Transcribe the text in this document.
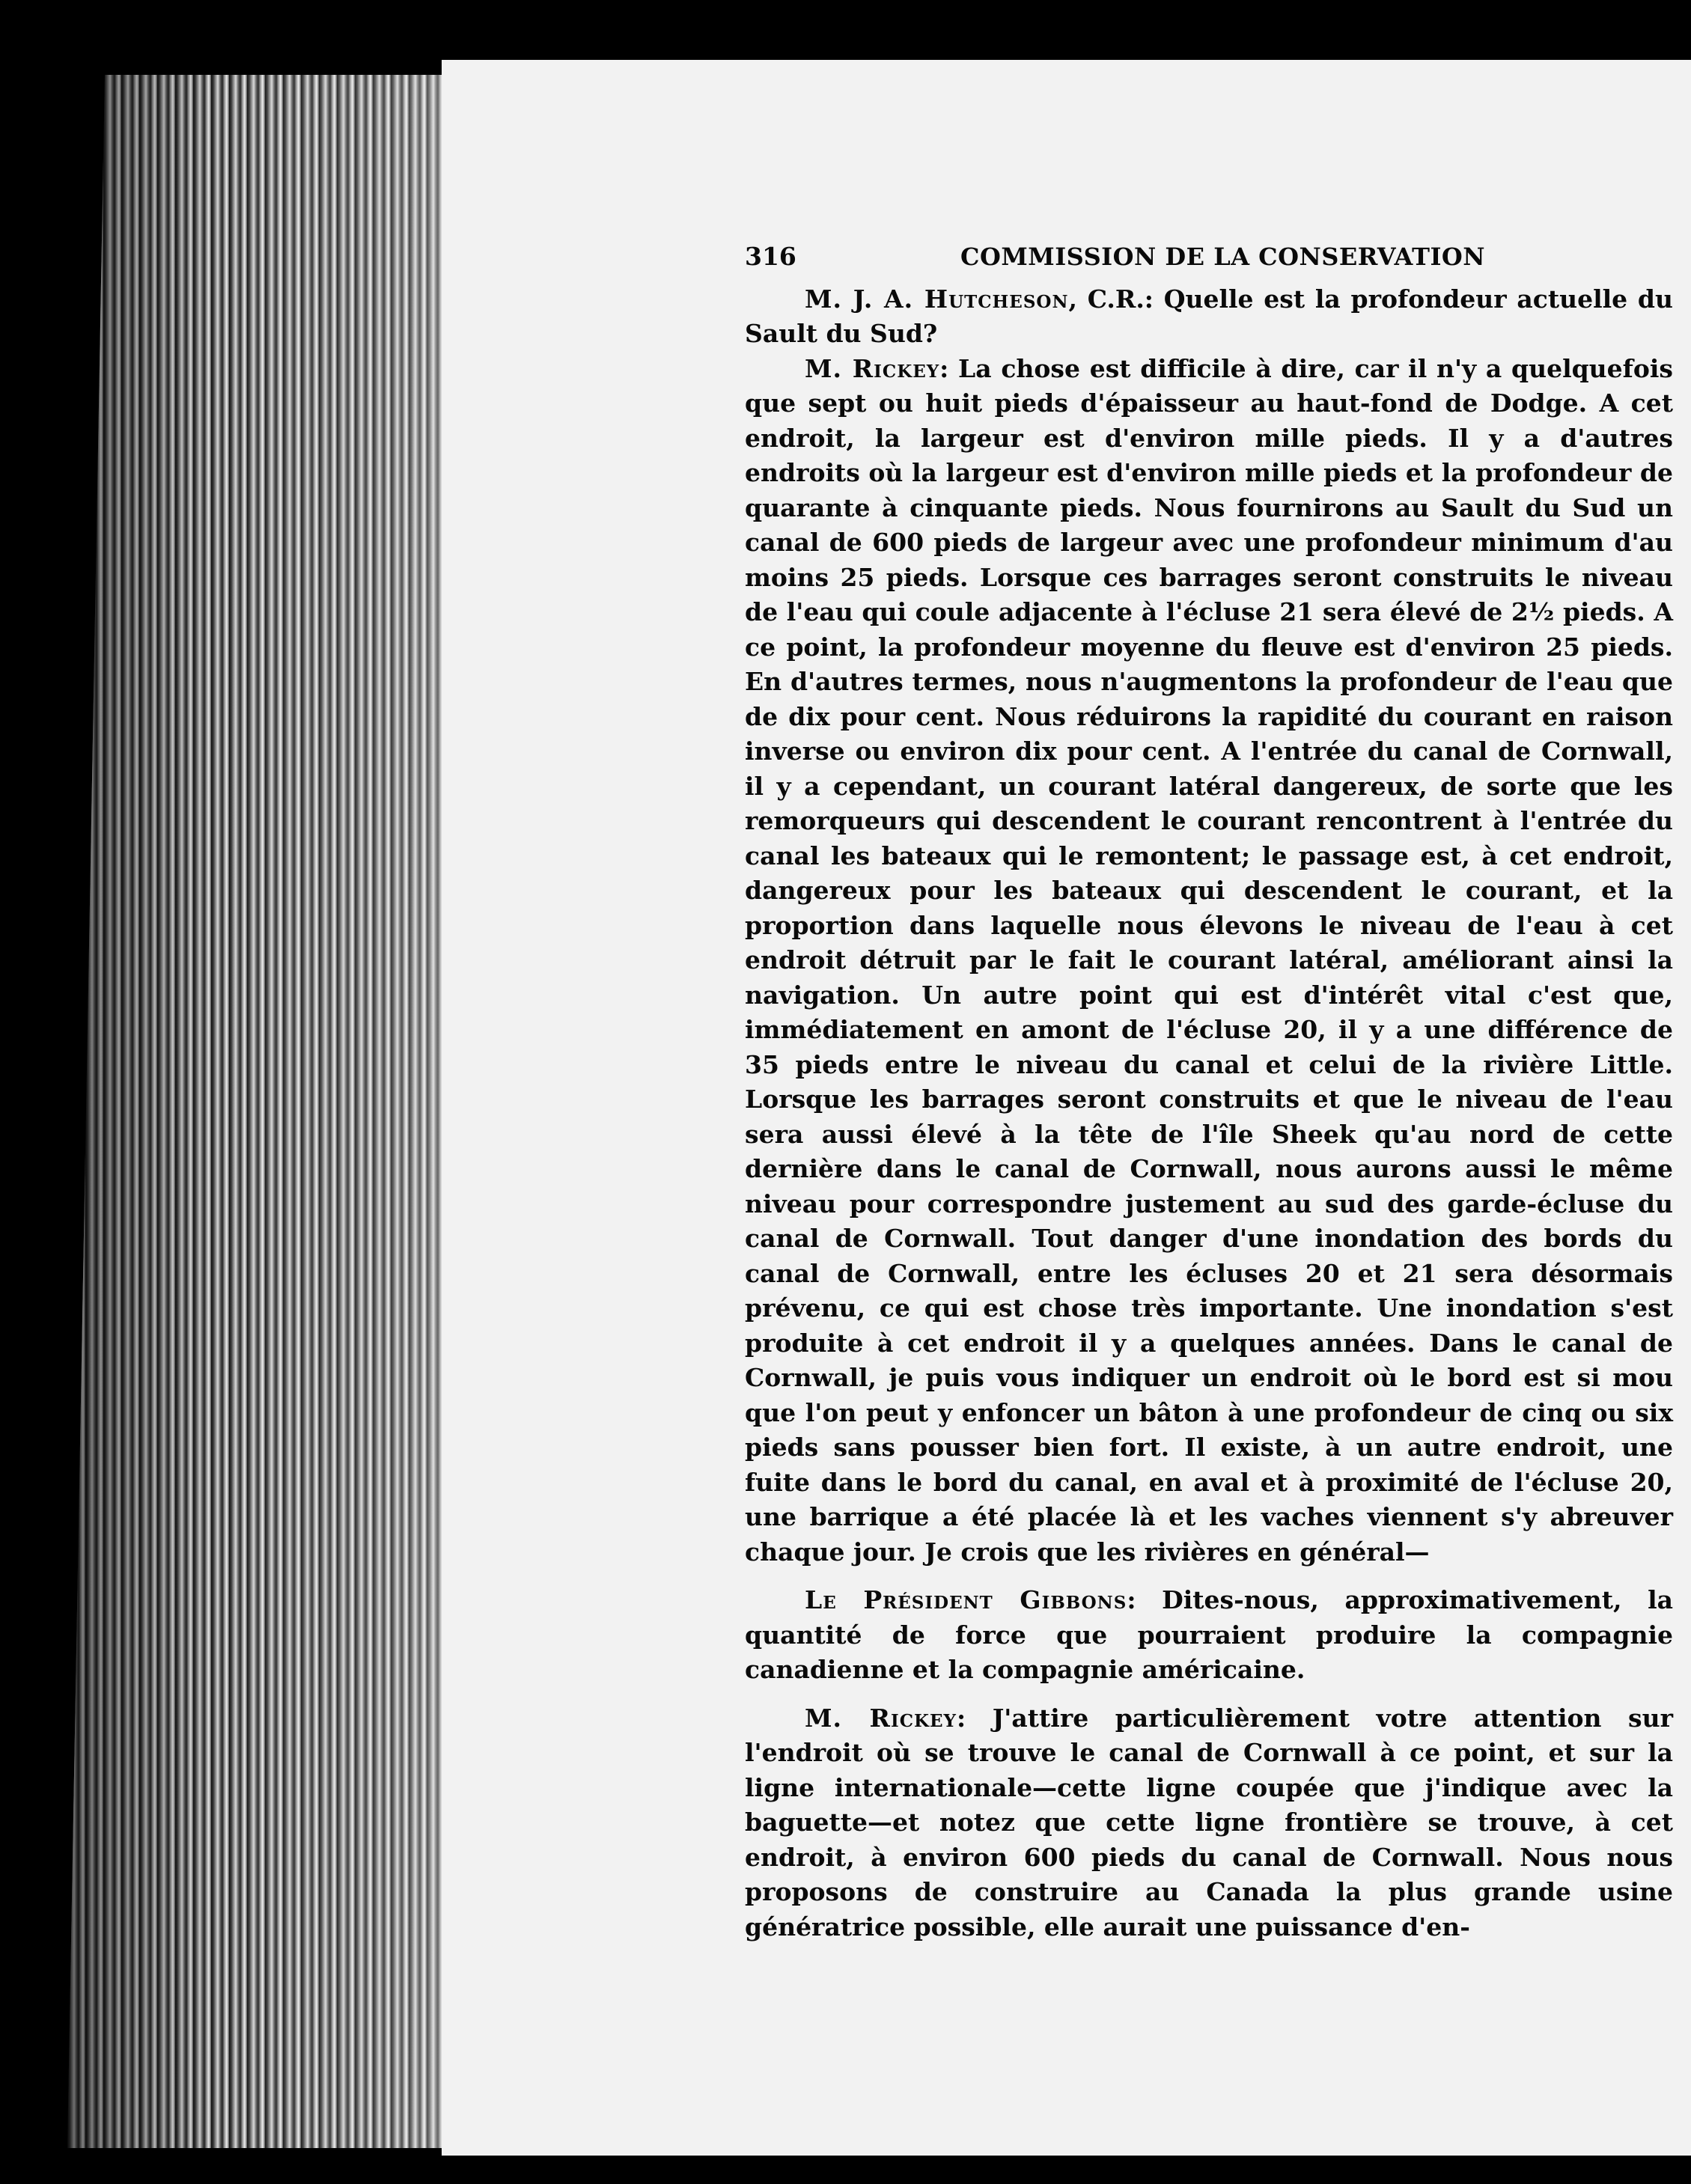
316	COMMISSION DE LA CONSERVATION

M. J. A. Hutcheson, C.R.: Quelle est la profondeur actuelle du Sault du Sud?

M. Rickey: La chose est difficile à dire, car il n'y a quelquefois que sept ou huit pieds d'épaisseur au haut-fond de Dodge. A cet endroit, la largeur est d'environ mille pieds. Il y a d'autres endroits où la largeur est d'environ mille pieds et la profondeur de quarante à cinquante pieds. Nous fournirons au Sault du Sud un canal de 600 pieds de largeur avec une profondeur minimum d'au moins 25 pieds. Lorsque ces barrages seront construits le niveau de l'eau qui coule adjacente à l'écluse 21 sera élevé de 2½ pieds. A ce point, la profondeur moyenne du fleuve est d'environ 25 pieds. En d'autres termes, nous n'augmentons la profondeur de l'eau que de dix pour cent. Nous réduirons la rapidité du courant en raison inverse ou environ dix pour cent. A l'entrée du canal de Cornwall, il y a cependant, un courant latéral dangereux, de sorte que les remorqueurs qui descendent le courant rencontrent à l'entrée du canal les bateaux qui le remontent; le passage est, à cet endroit, dangereux pour les bateaux qui descendent le courant, et la proportion dans laquelle nous élevons le niveau de l'eau à cet endroit détruit par le fait le courant latéral, améliorant ainsi la navigation. Un autre point qui est d'intérêt vital c'est que, immédiatement en amont de l'écluse 20, il y a une différence de 35 pieds entre le niveau du canal et celui de la rivière Little. Lorsque les barrages seront construits et que le niveau de l'eau sera aussi élevé à la tête de l'île Sheek qu'au nord de cette dernière dans le canal de Cornwall, nous aurons aussi le même niveau pour correspondre justement au sud des garde-écluse du canal de Cornwall. Tout danger d'une inondation des bords du canal de Cornwall, entre les écluses 20 et 21 sera désormais prévenu, ce qui est chose très importante. Une inondation s'est produite à cet endroit il y a quelques années. Dans le canal de Cornwall, je puis vous indiquer un endroit où le bord est si mou que l'on peut y enfoncer un bâton à une profondeur de cinq ou six pieds sans pousser bien fort. Il existe, à un autre endroit, une fuite dans le bord du canal, en aval et à proximité de l'écluse 20, une barrique a été placée là et les vaches viennent s'y abreuver chaque jour. Je crois que les rivières en général—

Le Président Gibbons: Dites-nous, approximativement, la quantité de force que pourraient produire la compagnie canadienne et la compagnie américaine.

M. Rickey: J'attire particulièrement votre attention sur l'endroit où se trouve le canal de Cornwall à ce point, et sur la ligne internationale—cette ligne coupée que j'indique avec la baguette—et notez que cette ligne frontière se trouve, à cet endroit, à environ 600 pieds du canal de Cornwall. Nous nous proposons de construire au Canada la plus grande usine génératrice possible, elle aurait une puissance d'en-
